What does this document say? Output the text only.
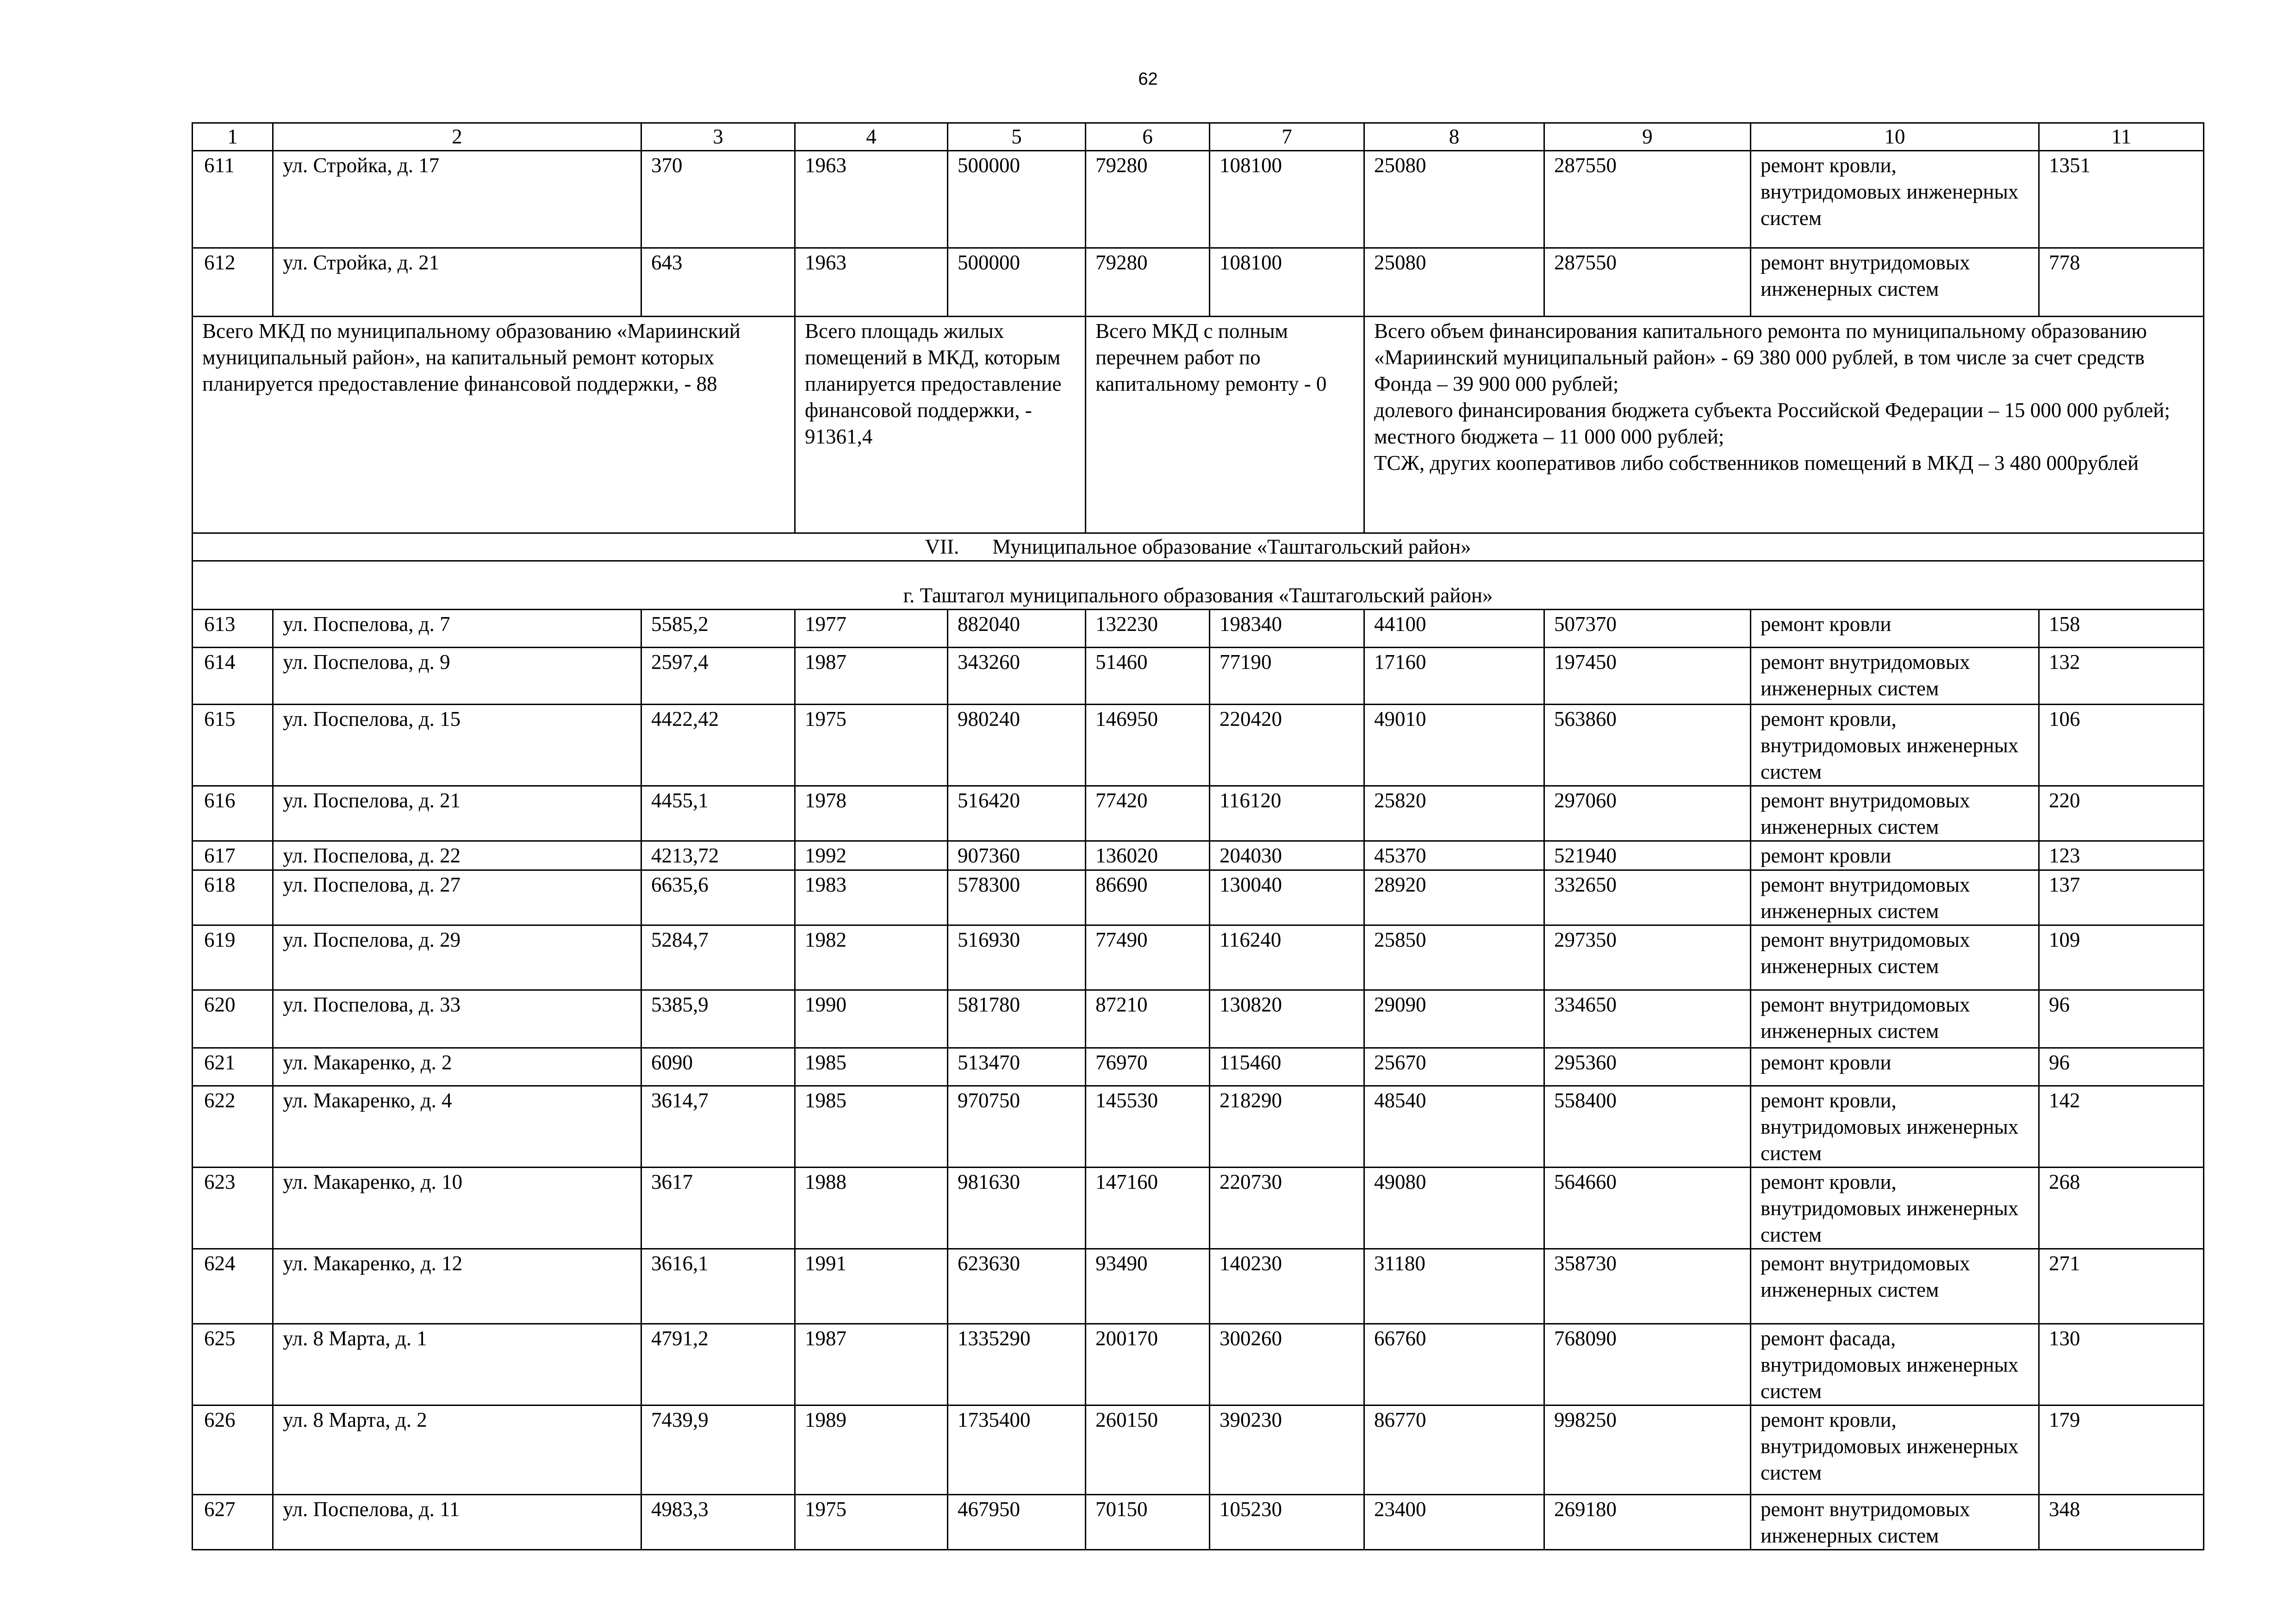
62
1	2	3	4	5	6	7	8	9	10	11
611	ул. Стройка, д. 17	370	1963	500000	79280	108100	25080	287550	ремонт кровли, внутридомовых инженерных систем	1351
612	ул. Стройка, д. 21	643	1963	500000	79280	108100	25080	287550	ремонт внутридомовых инженерных систем	778
Всего МКД по муниципальному образованию «Мариинский муниципальный район», на капитальный ремонт которых планируется предоставление финансовой поддержки, - 88			Всего площадь жилых помещений в МКД, которым планируется предоставление финансовой поддержки, - 91361,4		Всего МКД с полным перечнем работ по капитальному ремонту - 0		Всего объем финансирования капитального ремонта по муниципальному образованию «Мариинский муниципальный район» - 69 380 000 рублей, в том числе за счет средств Фонда – 39 900 000 рублей;
долевого финансирования бюджета субъекта Российской Федерации – 15 000 000 рублей;
местного бюджета – 11 000 000 рублей;
ТСЖ, других кооперативов либо собственников помещений в МКД – 3 480 000рублей			

VII. Муниципальное образование «Таштагольский район»										
г. Таштагол муниципального образования «Таштагольский район»										
613	ул. Поспелова, д. 7	5585,2	1977	882040	132230	198340	44100	507370	ремонт кровли	158
614	ул. Поспелова, д. 9	2597,4	1987	343260	51460	77190	17160	197450	ремонт внутридомовых инженерных систем	132
615	ул. Поспелова, д. 15	4422,42	1975	980240	146950	220420	49010	563860	ремонт кровли, внутридомовых инженерных систем	106
616	ул. Поспелова, д. 21	4455,1	1978	516420	77420	116120	25820	297060	ремонт внутридомовых инженерных систем	220
617	ул. Поспелова, д. 22	4213,72	1992	907360	136020	204030	45370	521940	ремонт кровли	123
618	ул. Поспелова, д. 27	6635,6	1983	578300	86690	130040	28920	332650	ремонт внутридомовых инженерных систем	137
619	ул. Поспелова, д. 29	5284,7	1982	516930	77490	116240	25850	297350	ремонт внутридомовых инженерных систем	109
620	ул. Поспелова, д. 33	5385,9	1990	581780	87210	130820	29090	334650	ремонт внутридомовых инженерных систем	96
621	ул. Макаренко, д. 2	6090	1985	513470	76970	115460	25670	295360	ремонт кровли	96
622	ул. Макаренко, д. 4	3614,7	1985	970750	145530	218290	48540	558400	ремонт кровли, внутридомовых инженерных систем	142
623	ул. Макаренко, д. 10	3617	1988	981630	147160	220730	49080	564660	ремонт кровли, внутридомовых инженерных систем	268
624	ул. Макаренко, д. 12	3616,1	1991	623630	93490	140230	31180	358730	ремонт внутридомовых инженерных систем	271
625	ул. 8 Марта, д. 1	4791,2	1987	1335290	200170	300260	66760	768090	ремонт фасада, внутридомовых инженерных систем	130
626	ул. 8 Марта, д. 2	7439,9	1989	1735400	260150	390230	86770	998250	ремонт кровли, внутридомовых инженерных систем	179
627	ул. Поспелова, д. 11	4983,3	1975	467950	70150	105230	23400	269180	ремонт внутридомовых инженерных систем	348
